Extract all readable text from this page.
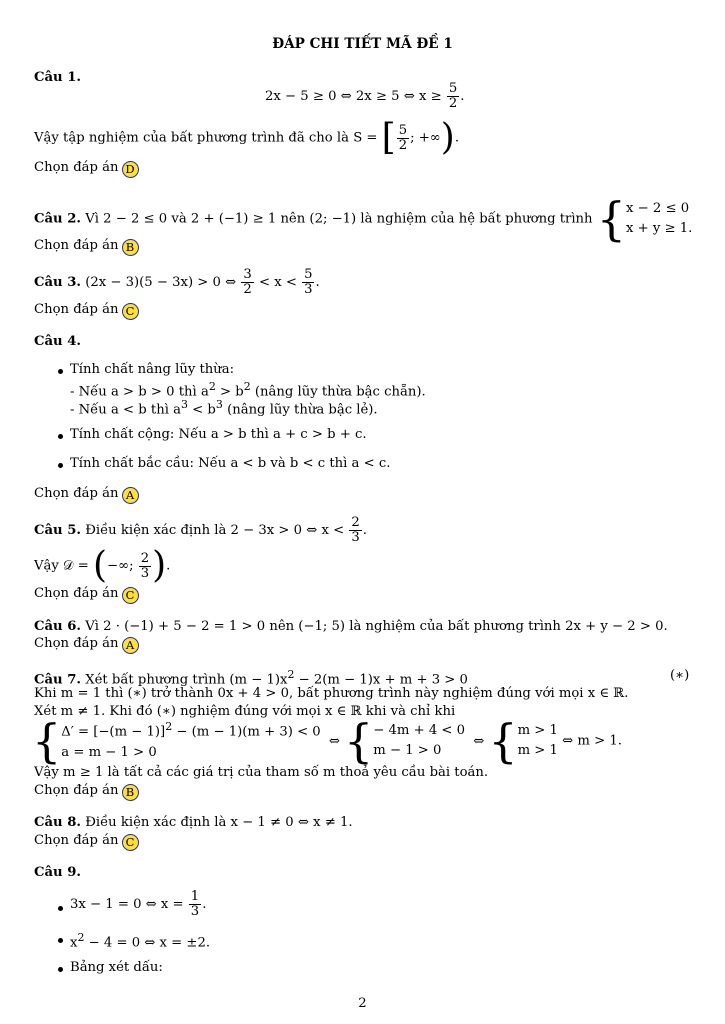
ĐÁP CHI TIẾT MÃ ĐỀ 1
Câu 1.
2x − 5 ≥ 0 ⇔ 2x ≥ 5 ⇔ $x \ge \frac{5}{2}$ .
Vậy tập nghiệm của bất phương trình đã cho là S = [ $\frac{5}{2}$ ; +∞).
Chọn đáp án D
Câu 2. Vì 2 − 2 ≤ 0 và 2 + (−1) ≥ 1 nên (2; −1) là nghiệm của hệ bất phương trình { x − 2 ≤ 0
x + y ≥ 1.
Chọn đáp án B
Câu 3. (2x − 3)(5 − 3x) > 0 ⇔ $\frac{3}{2} < x < \frac{5}{3}$ .
Chọn đáp án C
Câu 4.
Tính chất nâng lũy thừa:
- Nếu a > b > 0 thì $a^2 > b^2$ (nâng lũy thừa bậc chẵn).
- Nếu a < b thì $a^3 < b^3$ (nâng lũy thừa bậc lẻ).
Tính chất cộng: Nếu a > b thì a + c > b + c.
Tính chất bắc cầu: Nếu a < b và b < c thì a < c.
Chọn đáp án A
Câu 5. Điều kiện xác định là 2 − 3x > 0 ⇔ $x < \frac{2}{3}$ .
Vậy 𝒟 = (−∞; $\frac{2}{3}$ ).
Chọn đáp án C
Câu 6. Vì 2 · (−1) + 5 − 2 = 1 > 0 nên (−1; 5) là nghiệm của bất phương trình 2x + y − 2 > 0.
Chọn đáp án A
Câu 7. Xét bất phương trình $(m - 1)x^2 - 2(m - 1)x + m + 3 > 0$	(∗)
Khi m = 1 thì (∗) trở thành 0x + 4 > 0, bất phương trình này nghiệm đúng với mọi x ∈ ℝ.
Xét m ≠ 1. Khi đó (∗) nghiệm đúng với mọi x ∈ ℝ khi và chỉ khi
{ $\Delta' = [-(m - 1)]^2 - (m - 1)(m + 3) < 0$
a = m − 1 > 0
⇔{ − 4m + 4 < 0
m − 1 > 0
⇔{ m > 1
m > 1
⇔ m > 1.
Vậy m ≥ 1 là tất cả các giá trị của tham số m thoả yêu cầu bài toán.
Chọn đáp án B
Câu 8. Điều kiện xác định là x − 1 ≠ 0 ⇔ x ≠ 1.
Chọn đáp án C
Câu 9.
3x − 1 = 0 ⇔ $x = \frac{1}{3}$ .
$x^2 - 4 = 0$ ⇔ x = ±2.
Bảng xét dấu:
2
